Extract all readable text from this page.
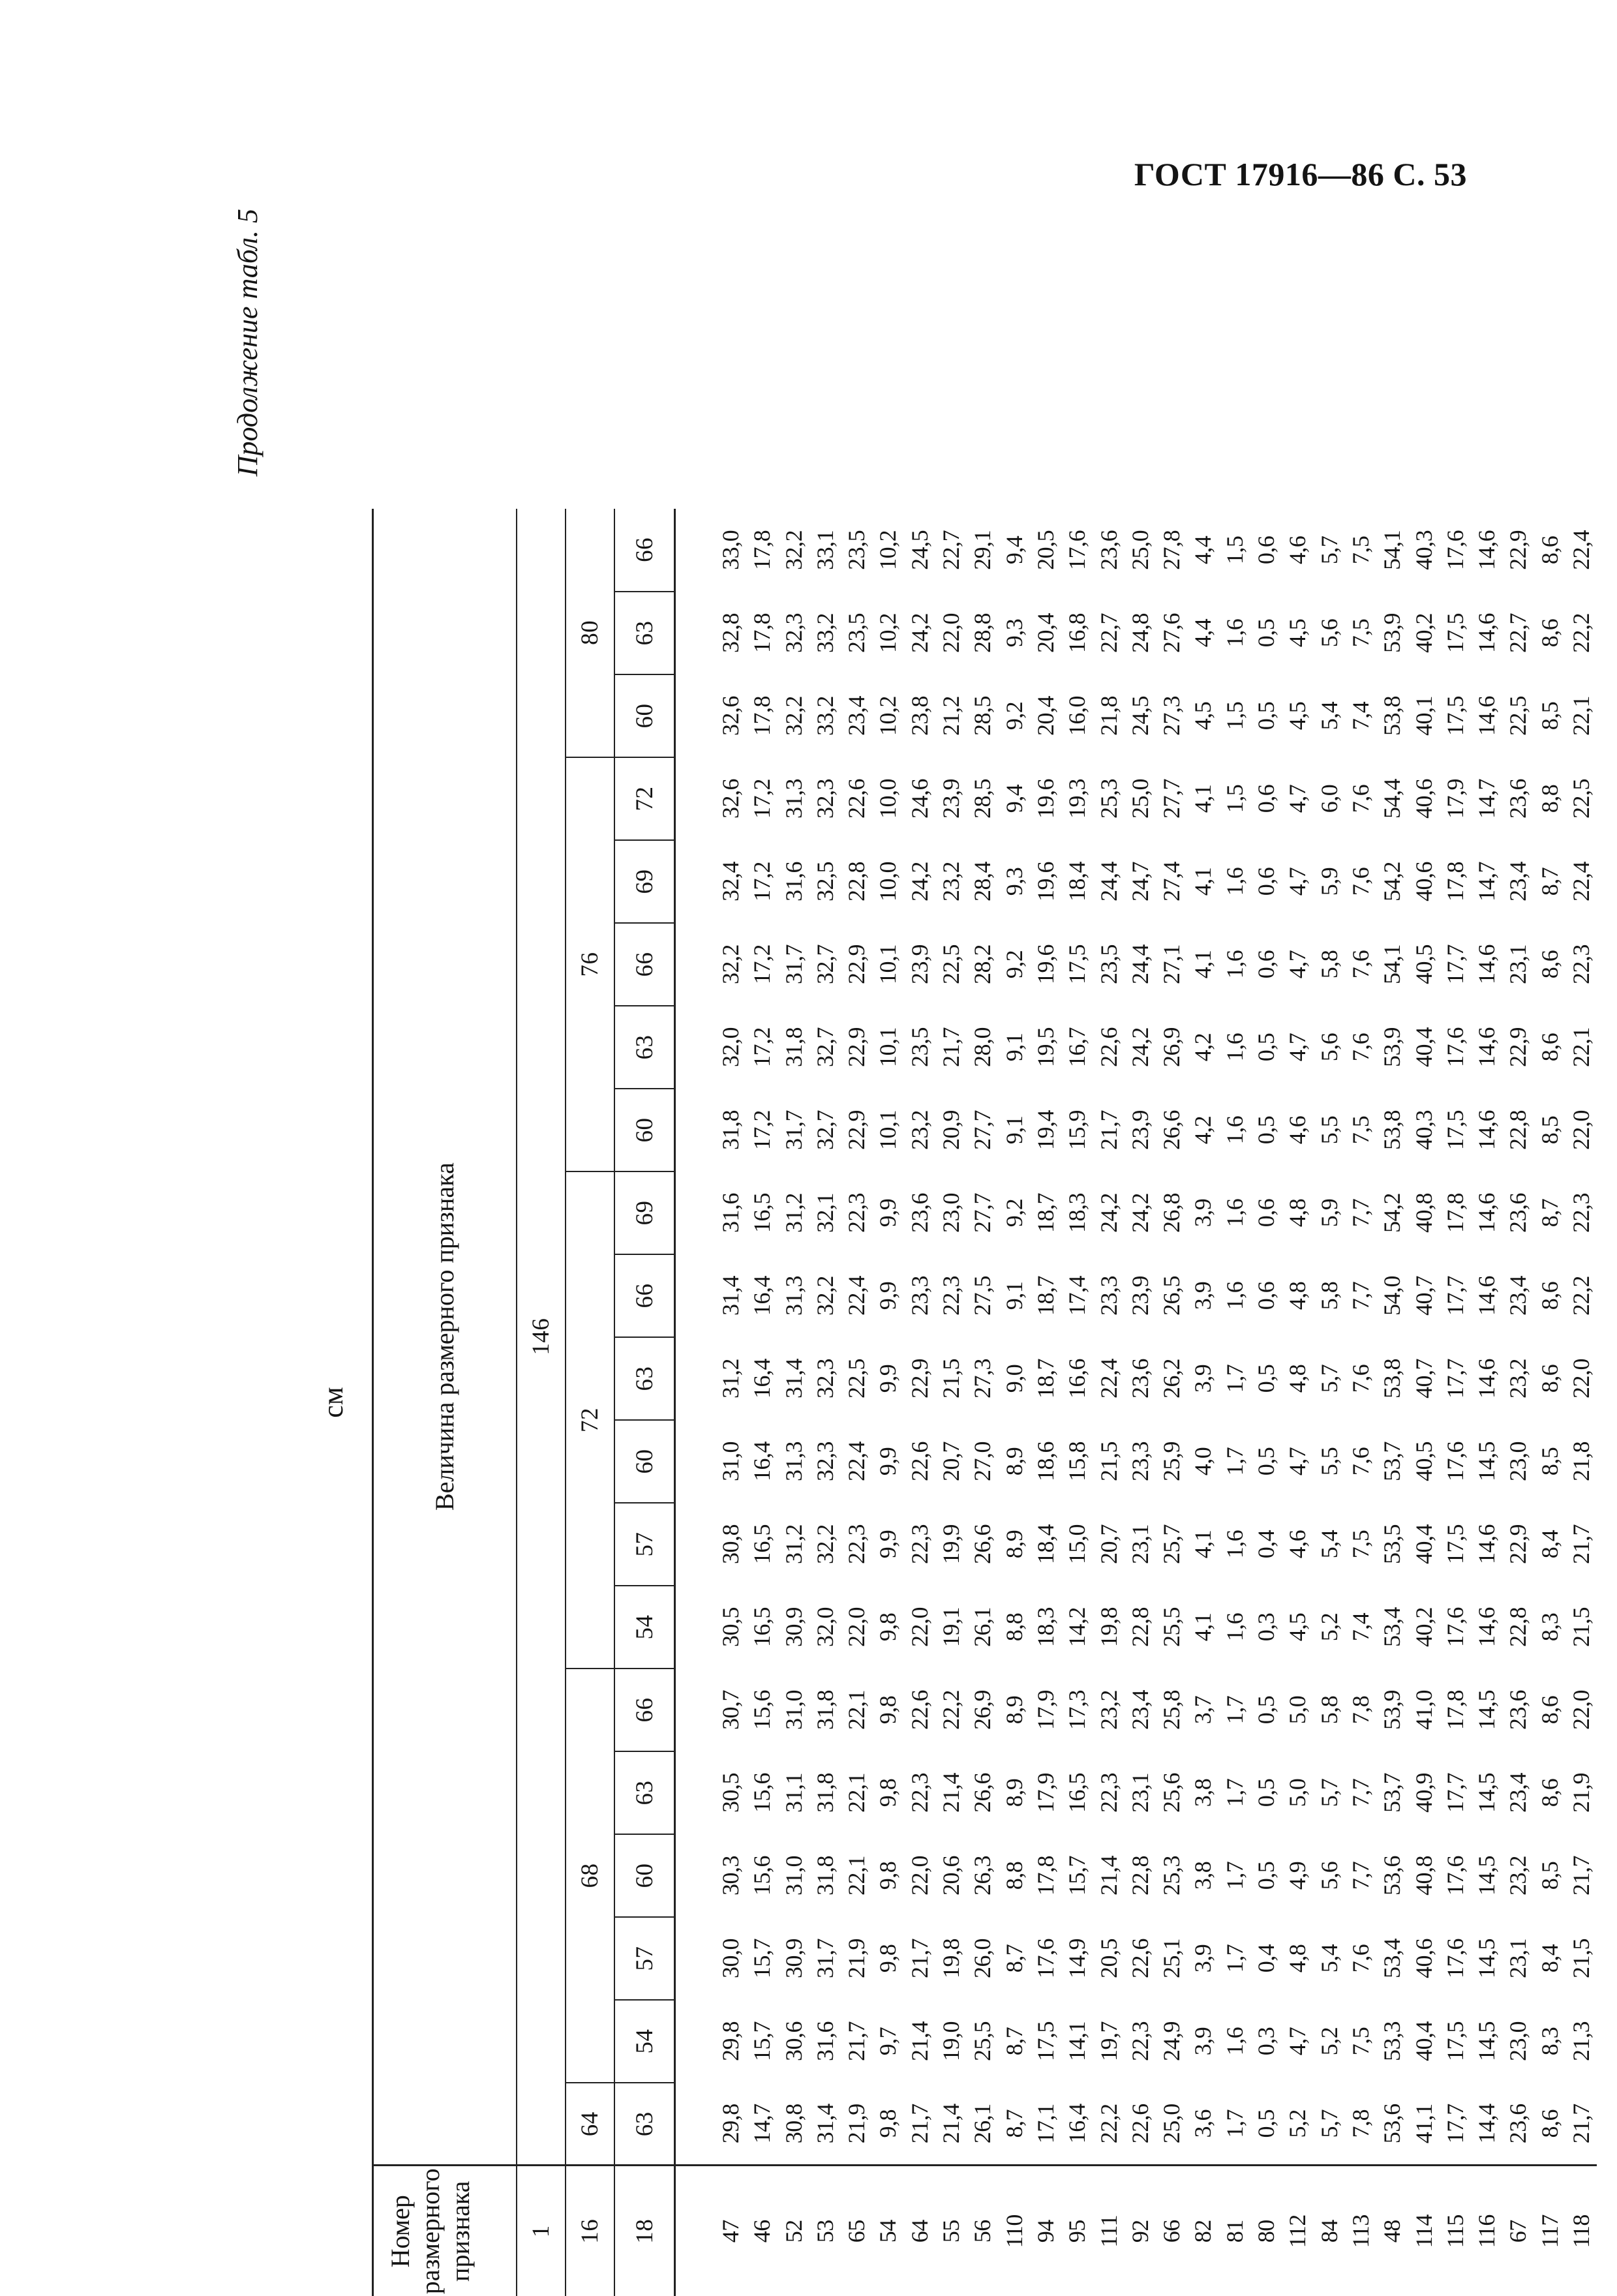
ГОСТ 17916—86 С. 53
Продолжение табл. 5
см
Номер размерного признака	Величина размерного признака																			
1	146																			
16	64	68					72						76					80		
18	63	54	57	60	63	66	54	57	60	63	66	69	60	63	66	69	72	60	63	66
47	29,8	29,8	30,0	30,3	30,5	30,7	30,5	30,8	31,0	31,2	31,4	31,6	31,8	32,0	32,2	32,4	32,6	32,6	32,8	33,0
46	14,7	15,7	15,7	15,6	15,6	15,6	16,5	16,5	16,4	16,4	16,4	16,5	17,2	17,2	17,2	17,2	17,2	17,8	17,8	17,8
52	30,8	30,6	30,9	31,0	31,1	31,0	30,9	31,2	31,3	31,4	31,3	31,2	31,7	31,8	31,7	31,6	31,3	32,2	32,3	32,2
53	31,4	31,6	31,7	31,8	31,8	31,8	32,0	32,2	32,3	32,3	32,2	32,1	32,7	32,7	32,7	32,5	32,3	33,2	33,2	33,1
65	21,9	21,7	21,9	22,1	22,1	22,1	22,0	22,3	22,4	22,5	22,4	22,3	22,9	22,9	22,9	22,8	22,6	23,4	23,5	23,5
54	9,8	9,7	9,8	9,8	9,8	9,8	9,8	9,9	9,9	9,9	9,9	9,9	10,1	10,1	10,1	10,0	10,0	10,2	10,2	10,2
64	21,7	21,4	21,7	22,0	22,3	22,6	22,0	22,3	22,6	22,9	23,3	23,6	23,2	23,5	23,9	24,2	24,6	23,8	24,2	24,5
55	21,4	19,0	19,8	20,6	21,4	22,2	19,1	19,9	20,7	21,5	22,3	23,0	20,9	21,7	22,5	23,2	23,9	21,2	22,0	22,7
56	26,1	25,5	26,0	26,3	26,6	26,9	26,1	26,6	27,0	27,3	27,5	27,7	27,7	28,0	28,2	28,4	28,5	28,5	28,8	29,1
110	8,7	8,7	8,7	8,8	8,9	8,9	8,8	8,9	8,9	9,0	9,1	9,2	9,1	9,1	9,2	9,3	9,4	9,2	9,3	9,4
94	17,1	17,5	17,6	17,8	17,9	17,9	18,3	18,4	18,6	18,7	18,7	18,7	19,4	19,5	19,6	19,6	19,6	20,4	20,4	20,5
95	16,4	14,1	14,9	15,7	16,5	17,3	14,2	15,0	15,8	16,6	17,4	18,3	15,9	16,7	17,5	18,4	19,3	16,0	16,8	17,6
111	22,2	19,7	20,5	21,4	22,3	23,2	19,8	20,7	21,5	22,4	23,3	24,2	21,7	22,6	23,5	24,4	25,3	21,8	22,7	23,6
92	22,6	22,3	22,6	22,8	23,1	23,4	22,8	23,1	23,3	23,6	23,9	24,2	23,9	24,2	24,4	24,7	25,0	24,5	24,8	25,0
66	25,0	24,9	25,1	25,3	25,6	25,8	25,5	25,7	25,9	26,2	26,5	26,8	26,6	26,9	27,1	27,4	27,7	27,3	27,6	27,8
82	3,6	3,9	3,9	3,8	3,8	3,7	4,1	4,1	4,0	3,9	3,9	3,9	4,2	4,2	4,1	4,1	4,1	4,5	4,4	4,4
81	1,7	1,6	1,7	1,7	1,7	1,7	1,6	1,6	1,7	1,7	1,6	1,6	1,6	1,6	1,6	1,6	1,5	1,5	1,6	1,5
80	0,5	0,3	0,4	0,5	0,5	0,5	0,3	0,4	0,5	0,5	0,6	0,6	0,5	0,5	0,6	0,6	0,6	0,5	0,5	0,6
112	5,2	4,7	4,8	4,9	5,0	5,0	4,5	4,6	4,7	4,8	4,8	4,8	4,6	4,7	4,7	4,7	4,7	4,5	4,5	4,6
84	5,7	5,2	5,4	5,6	5,7	5,8	5,2	5,4	5,5	5,7	5,8	5,9	5,5	5,6	5,8	5,9	6,0	5,4	5,6	5,7
113	7,8	7,5	7,6	7,7	7,7	7,8	7,4	7,5	7,6	7,6	7,7	7,7	7,5	7,6	7,6	7,6	7,6	7,4	7,5	7,5
48	53,6	53,3	53,4	53,6	53,7	53,9	53,4	53,5	53,7	53,8	54,0	54,2	53,8	53,9	54,1	54,2	54,4	53,8	53,9	54,1
114	41,1	40,4	40,6	40,8	40,9	41,0	40,2	40,4	40,5	40,7	40,7	40,8	40,3	40,4	40,5	40,6	40,6	40,1	40,2	40,3
115	17,7	17,5	17,6	17,6	17,7	17,8	17,6	17,5	17,6	17,7	17,7	17,8	17,5	17,6	17,7	17,8	17,9	17,5	17,5	17,6
116	14,4	14,5	14,5	14,5	14,5	14,5	14,6	14,6	14,5	14,6	14,6	14,6	14,6	14,6	14,6	14,7	14,7	14,6	14,6	14,6
67	23,6	23,0	23,1	23,2	23,4	23,6	22,8	22,9	23,0	23,2	23,4	23,6	22,8	22,9	23,1	23,4	23,6	22,5	22,7	22,9
117	8,6	8,3	8,4	8,5	8,6	8,6	8,3	8,4	8,5	8,6	8,6	8,7	8,5	8,6	8,6	8,7	8,8	8,5	8,6	8,6
118	21,7	21,3	21,5	21,7	21,9	22,0	21,5	21,7	21,8	22,0	22,2	22,3	22,0	22,1	22,3	22,4	22,5	22,1	22,2	22,4
